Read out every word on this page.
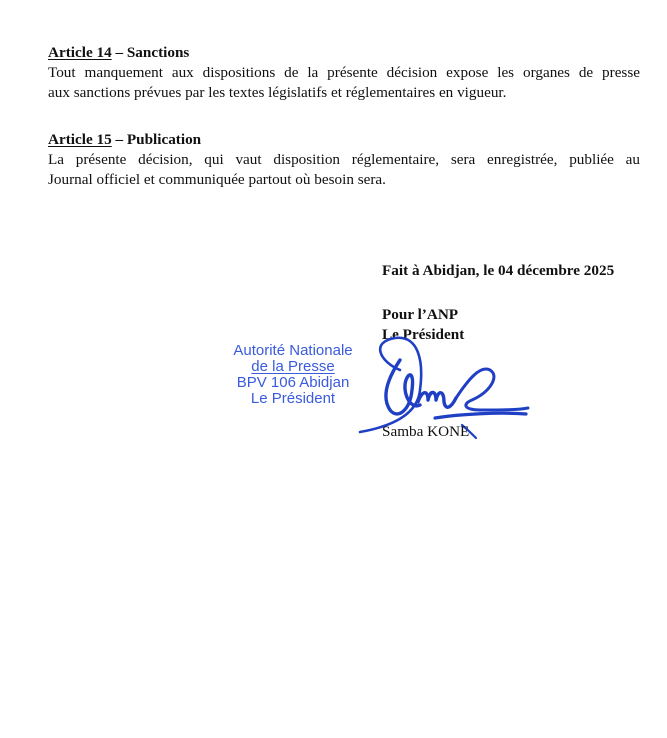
Article 14 – Sanctions

Tout manquement aux dispositions de la présente décision expose les organes de presse
aux sanctions prévues par les textes législatifs et réglementaires en vigueur.

Article 15 – Publication

La présente décision, qui vaut disposition réglementaire, sera enregistrée, publiée au
Journal officiel et communiquée partout où besoin sera.

Fait à Abidjan, le 04 décembre 2025
Pour l’ANP
Le Président
Autorité Nationale
de la Presse
BPV 106 Abidjan
Le Président
Samba KONE
